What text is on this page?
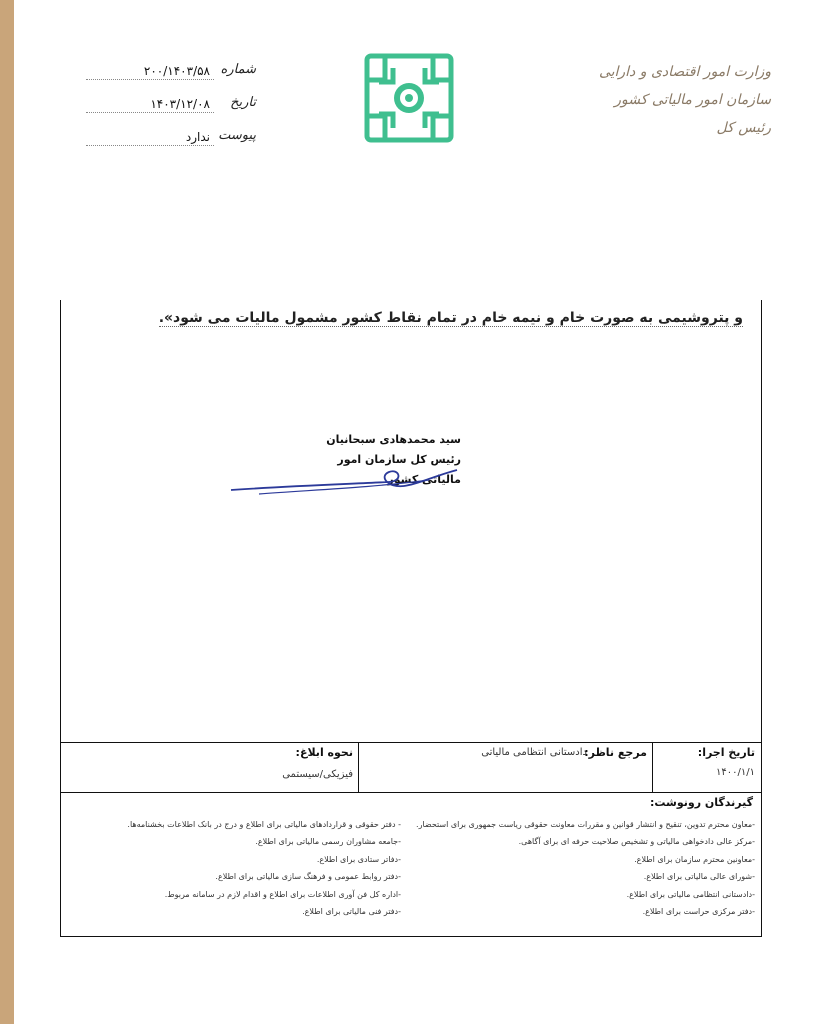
شماره
۲۰۰/۱۴۰۳/۵۸
تاریخ
۱۴۰۳/۱۲/۰۸
پیوست
ندارد
وزارت امور اقتصادی و دارایی
سازمان امور مالیاتی کشور
رئیس کل
و پتروشیمی به صورت خام و نیمه خام در تمام نقاط کشور مشمول مالیات می شود».
سید محمدهادی سبحانیان
رئیس کل سازمان امور مالیاتی کشور
تاریخ اجرا:
۱۴۰۰/۱/۱
مرجع ناظر:
دادستانی انتظامی مالیاتی
نحوه ابلاغ:
فیزیکی/سیستمی
گیرندگان رونوشت:
-معاون محترم تدوین، تنقیح و انتشار قوانین و مقررات معاونت حقوقی ریاست جمهوری برای استحضار.
-مرکز عالی دادخواهی مالیاتی و تشخیص صلاحیت حرفه ای برای آگاهی.
-معاونین محترم سازمان برای اطلاع.
-شورای عالی مالیاتی برای اطلاع.
-دادستانی انتظامی مالیاتی برای اطلاع.
-دفتر مرکزی حراست برای اطلاع.
- دفتر حقوقی و قراردادهای مالیاتی برای اطلاع و درج در بانک اطلاعات بخشنامه‌ها.
-جامعه مشاوران رسمی مالیاتی برای اطلاع.
-دفاتر ستادی برای اطلاع.
-دفتر روابط عمومی و فرهنگ سازی مالیاتی برای اطلاع.
-اداره کل فن آوری اطلاعات برای اطلاع و اقدام لازم در سامانه مربوط.
-دفتر فنی مالیاتی برای اطلاع.
